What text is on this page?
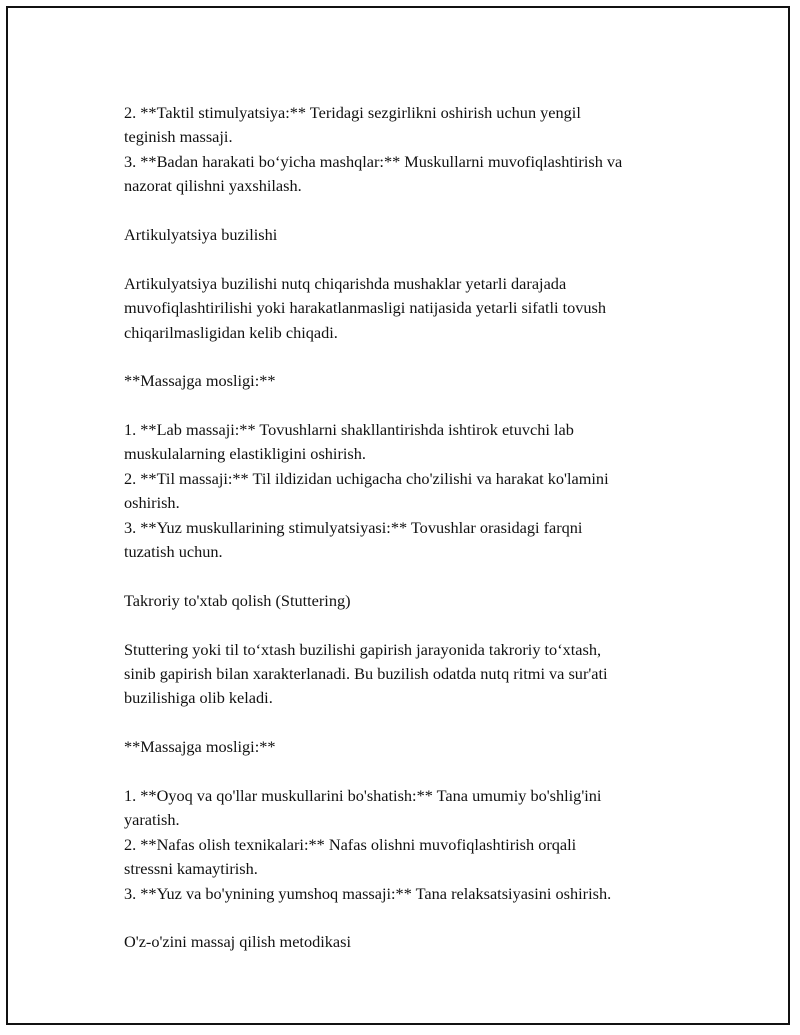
2. **Taktil stimulyatsiya:** Teridagi sezgirlikni oshirish uchun yengil
teginish massaji.
3. **Badan harakati bo‘yicha mashqlar:** Muskullarni muvofiqlashtirish va
nazorat qilishni yaxshilash.
Artikulyatsiya buzilishi
Artikulyatsiya buzilishi nutq chiqarishda mushaklar yetarli darajada
muvofiqlashtirilishi yoki harakatlanmasligi natijasida yetarli sifatli tovush
chiqarilmasligidan kelib chiqadi.
**Massajga mosligi:**
1. **Lab massaji:** Tovushlarni shakllantirishda ishtirok etuvchi lab
muskulalarning elastikligini oshirish.
2. **Til massaji:** Til ildizidan uchigacha cho'zilishi va harakat ko'lamini
oshirish.
3. **Yuz muskullarining stimulyatsiyasi:** Tovushlar orasidagi farqni
tuzatish uchun.
Takroriy to'xtab qolish (Stuttering)
Stuttering yoki til to‘xtash buzilishi gapirish jarayonida takroriy to‘xtash,
sinib gapirish bilan xarakterlanadi. Bu buzilish odatda nutq ritmi va sur'ati
buzilishiga olib keladi.
**Massajga mosligi:**
1. **Oyoq va qo'llar muskullarini bo'shatish:** Tana umumiy bo'shlig'ini
yaratish.
2. **Nafas olish texnikalari:** Nafas olishni muvofiqlashtirish orqali
stressni kamaytirish.
3. **Yuz va bo'ynining yumshoq massaji:** Tana relaksatsiyasini oshirish.
O'z-o'zini massaj qilish metodikasi
